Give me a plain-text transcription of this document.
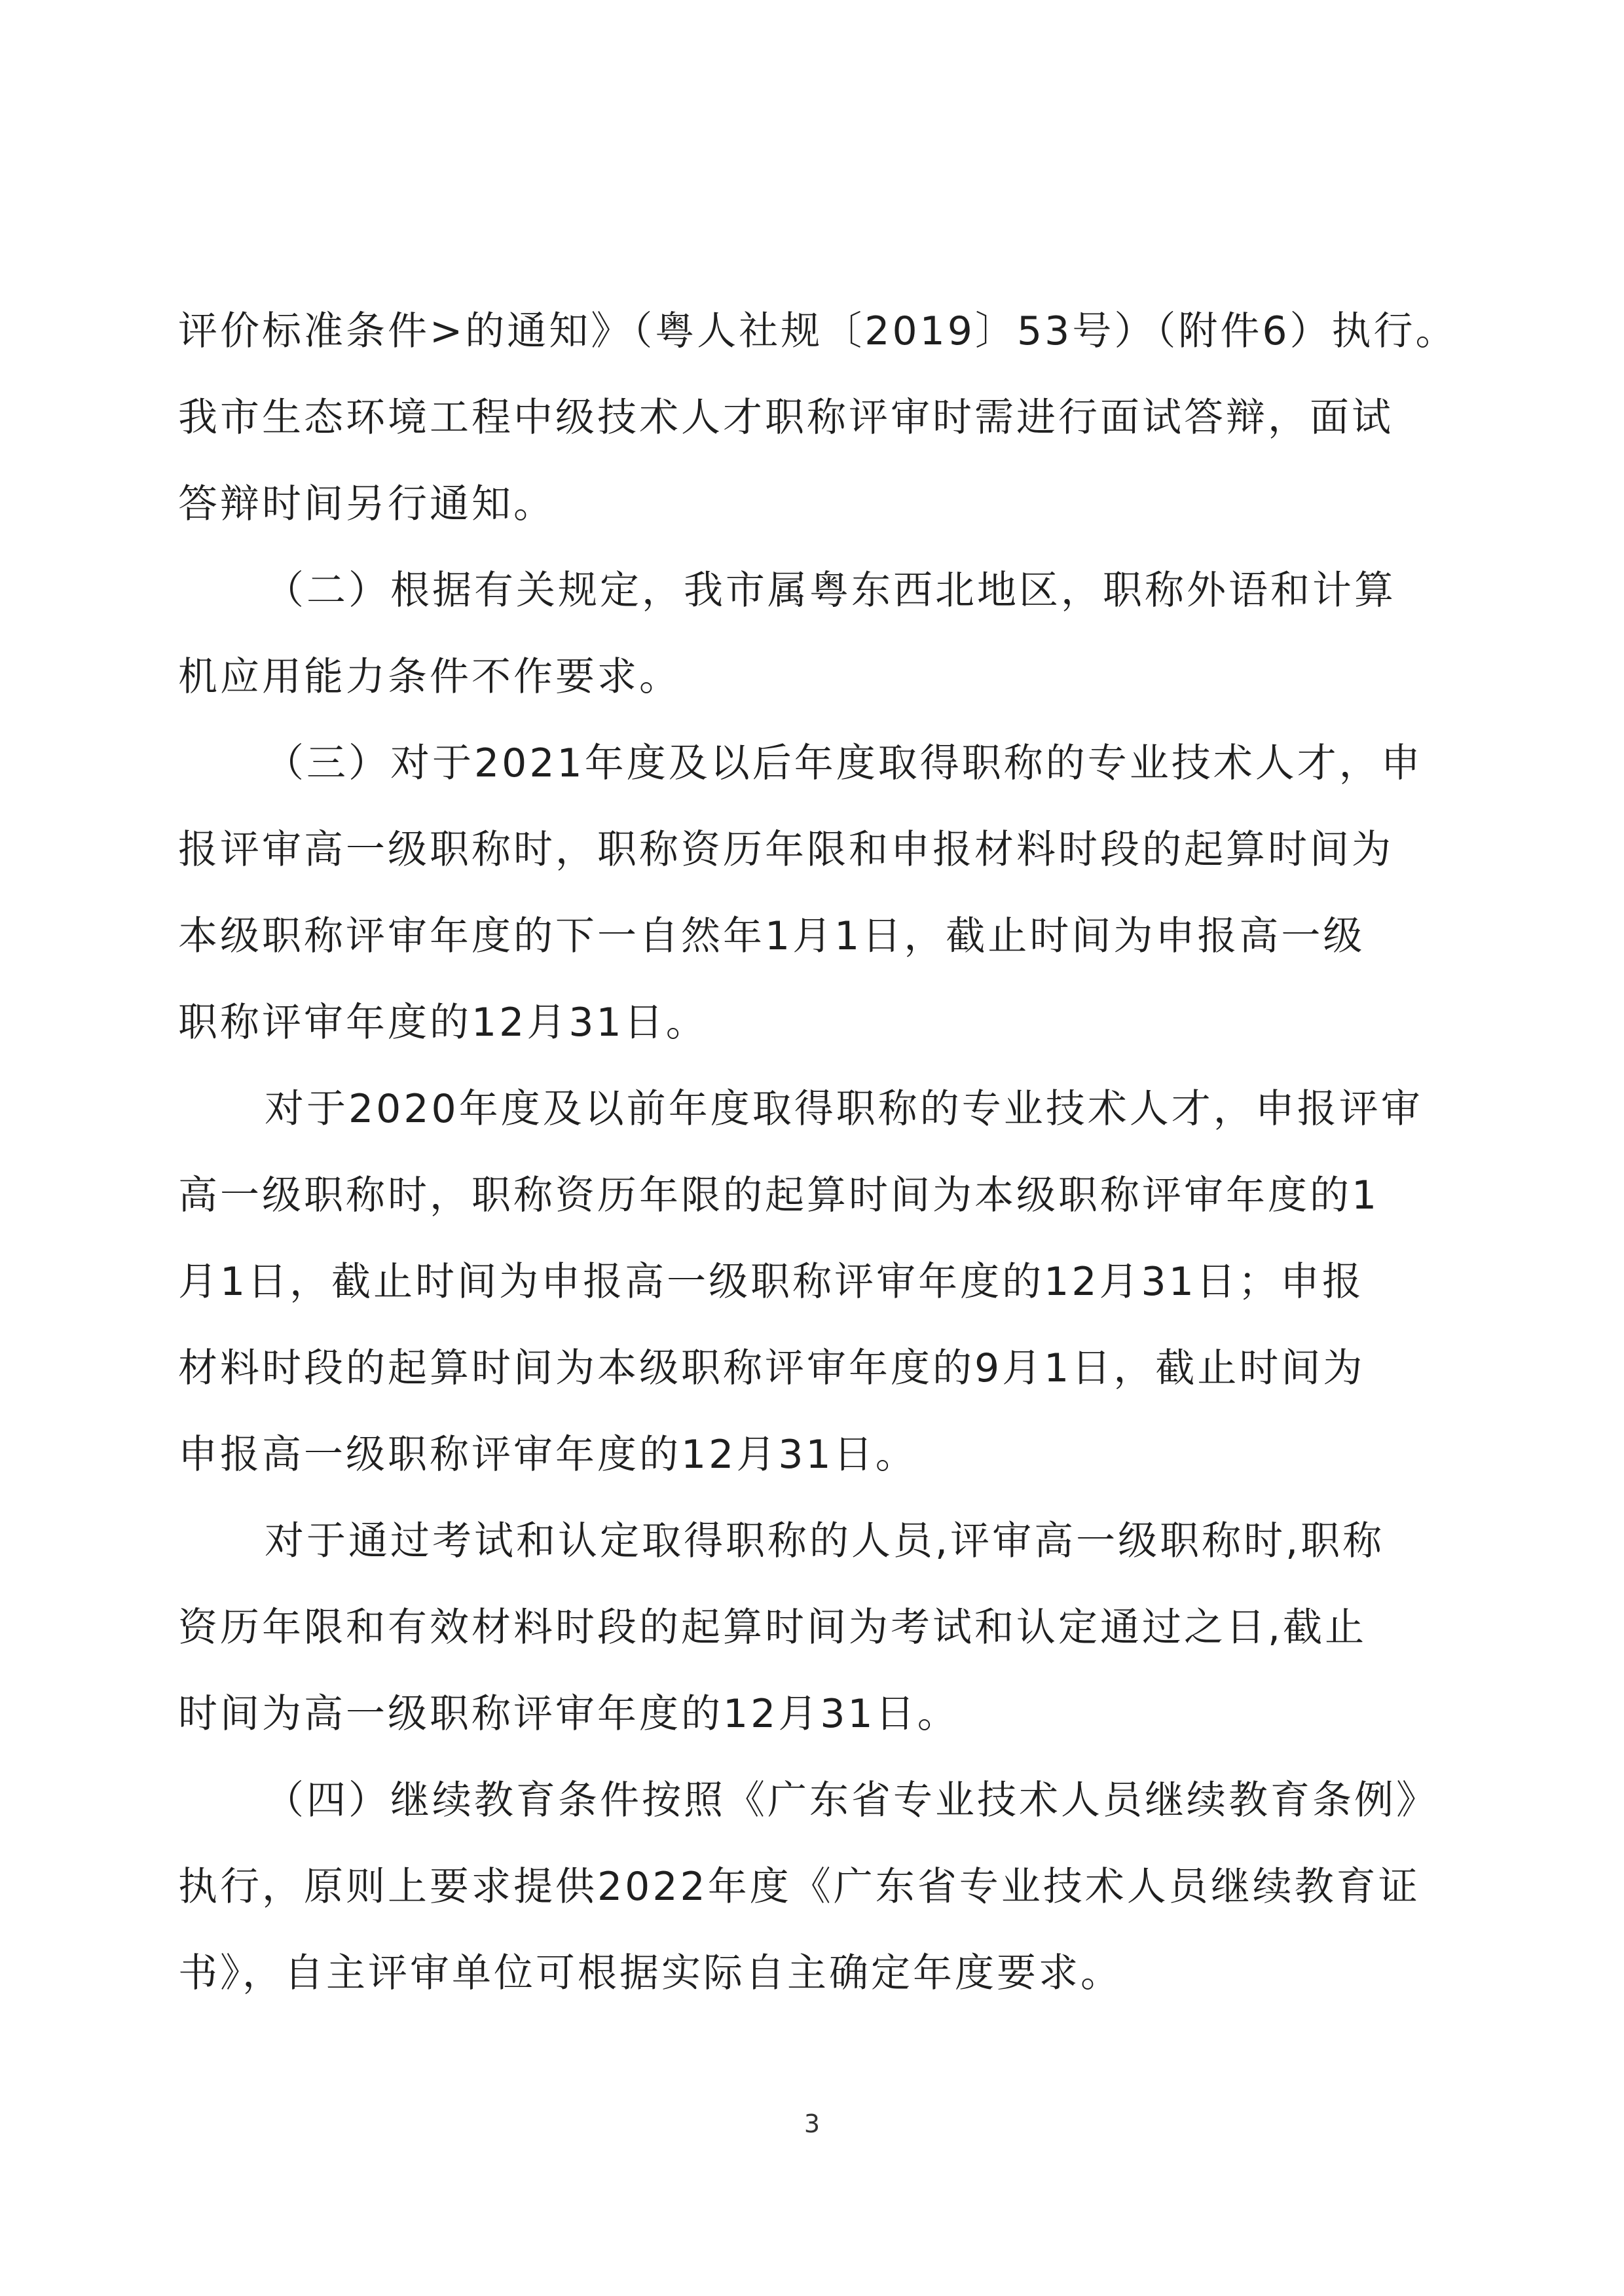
评价标准条件>的通知》（粤人社规〔2019〕53号）（附件6）执行。
我市生态环境工程中级技术人才职称评审时需进行面试答辩，面试
答辩时间另行通知。
（二）根据有关规定，我市属粤东西北地区，职称外语和计算
机应用能力条件不作要求。
（三）对于2021年度及以后年度取得职称的专业技术人才，申
报评审高一级职称时，职称资历年限和申报材料时段的起算时间为
本级职称评审年度的下一自然年1月1日，截止时间为申报高一级
职称评审年度的12月31日。
对于2020年度及以前年度取得职称的专业技术人才，申报评审
高一级职称时，职称资历年限的起算时间为本级职称评审年度的1
月1日，截止时间为申报高一级职称评审年度的12月31日；申报
材料时段的起算时间为本级职称评审年度的9月1日，截止时间为
申报高一级职称评审年度的12月31日。
对于通过考试和认定取得职称的人员,评审高一级职称时,职称
资历年限和有效材料时段的起算时间为考试和认定通过之日,截止
时间为高一级职称评审年度的12月31日。
（四）继续教育条件按照《广东省专业技术人员继续教育条例》
执行，原则上要求提供2022年度《广东省专业技术人员继续教育证
书》，自主评审单位可根据实际自主确定年度要求。
3
